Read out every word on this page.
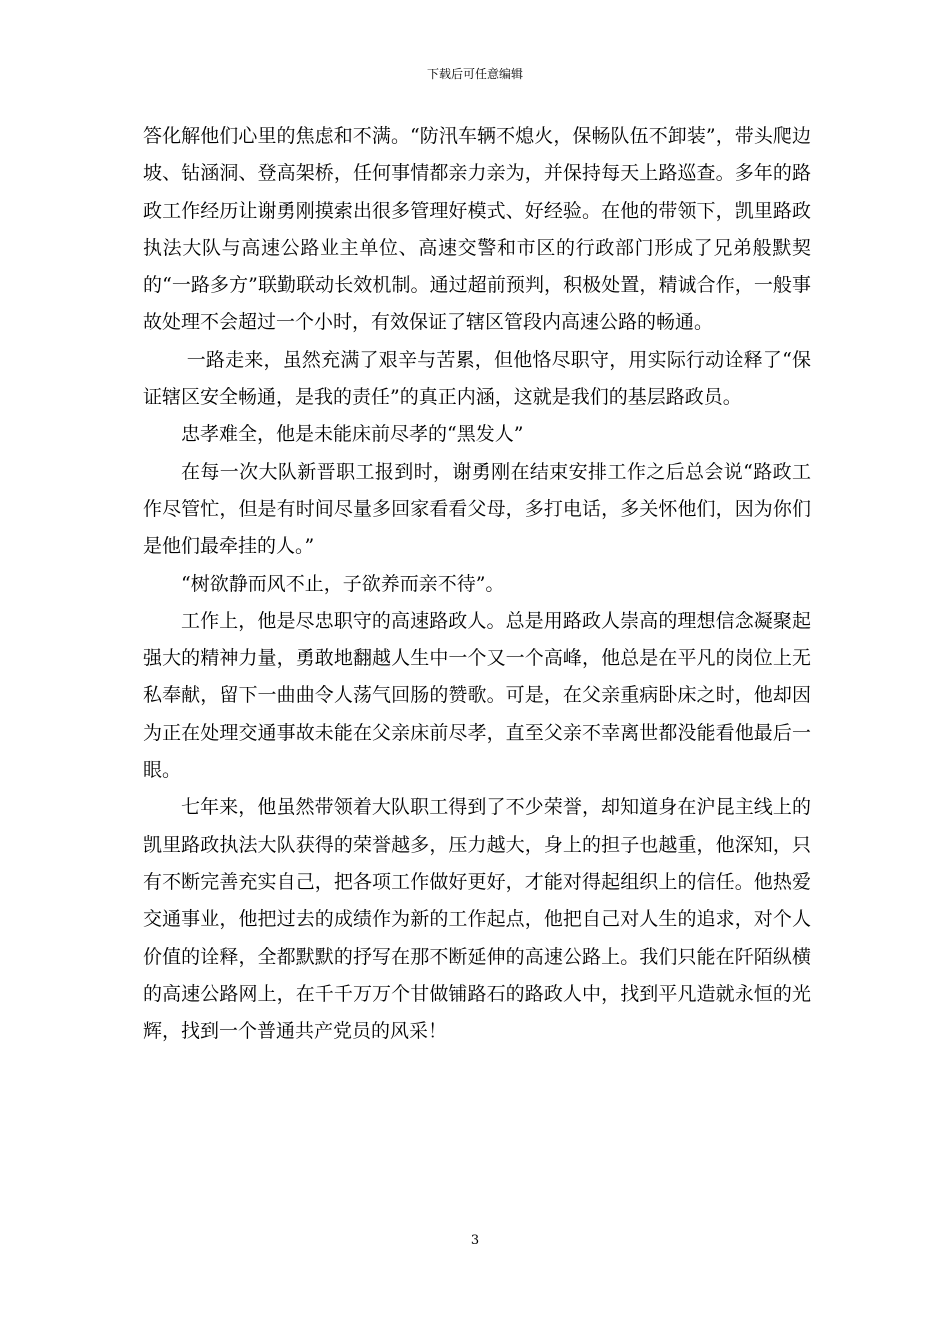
下载后可任意编辑

答化解他们心里的焦虑和不满。“防汛车辆不熄火，保畅队伍不卸装”，带头爬边坡、钻涵洞、登高架桥，任何事情都亲力亲为，并保持每天上路巡查。多年的路政工作经历让谢勇刚摸索出很多管理好模式、好经验。在他的带领下，凯里路政执法大队与高速公路业主单位、高速交警和市区的行政部门形成了兄弟般默契的“一路多方”联勤联动长效机制。通过超前预判，积极处置，精诚合作，一般事故处理不会超过一个小时，有效保证了辖区管段内高速公路的畅通。

一路走来，虽然充满了艰辛与苦累，但他恪尽职守，用实际行动诠释了“保证辖区安全畅通，是我的责任”的真正内涵，这就是我们的基层路政员。

忠孝难全，他是未能床前尽孝的“黑发人”

在每一次大队新晋职工报到时，谢勇刚在结束安排工作之后总会说“路政工作尽管忙，但是有时间尽量多回家看看父母，多打电话，多关怀他们，因为你们是他们最牵挂的人。”

“树欲静而风不止，子欲养而亲不待”。

工作上，他是尽忠职守的高速路政人。总是用路政人崇高的理想信念凝聚起强大的精神力量，勇敢地翻越人生中一个又一个高峰，他总是在平凡的岗位上无私奉献，留下一曲曲令人荡气回肠的赞歌。可是，在父亲重病卧床之时，他却因为正在处理交通事故未能在父亲床前尽孝，直至父亲不幸离世都没能看他最后一眼。

七年来，他虽然带领着大队职工得到了不少荣誉，却知道身在沪昆主线上的凯里路政执法大队获得的荣誉越多，压力越大，身上的担子也越重，他深知，只有不断完善充实自己，把各项工作做好更好，才能对得起组织上的信任。他热爱交通事业，他把过去的成绩作为新的工作起点，他把自己对人生的追求，对个人价值的诠释，全都默默的抒写在那不断延伸的高速公路上。我们只能在阡陌纵横的高速公路网上，在千千万万个甘做铺路石的路政人中，找到平凡造就永恒的光辉，找到一个普通共产党员的风采！

3
